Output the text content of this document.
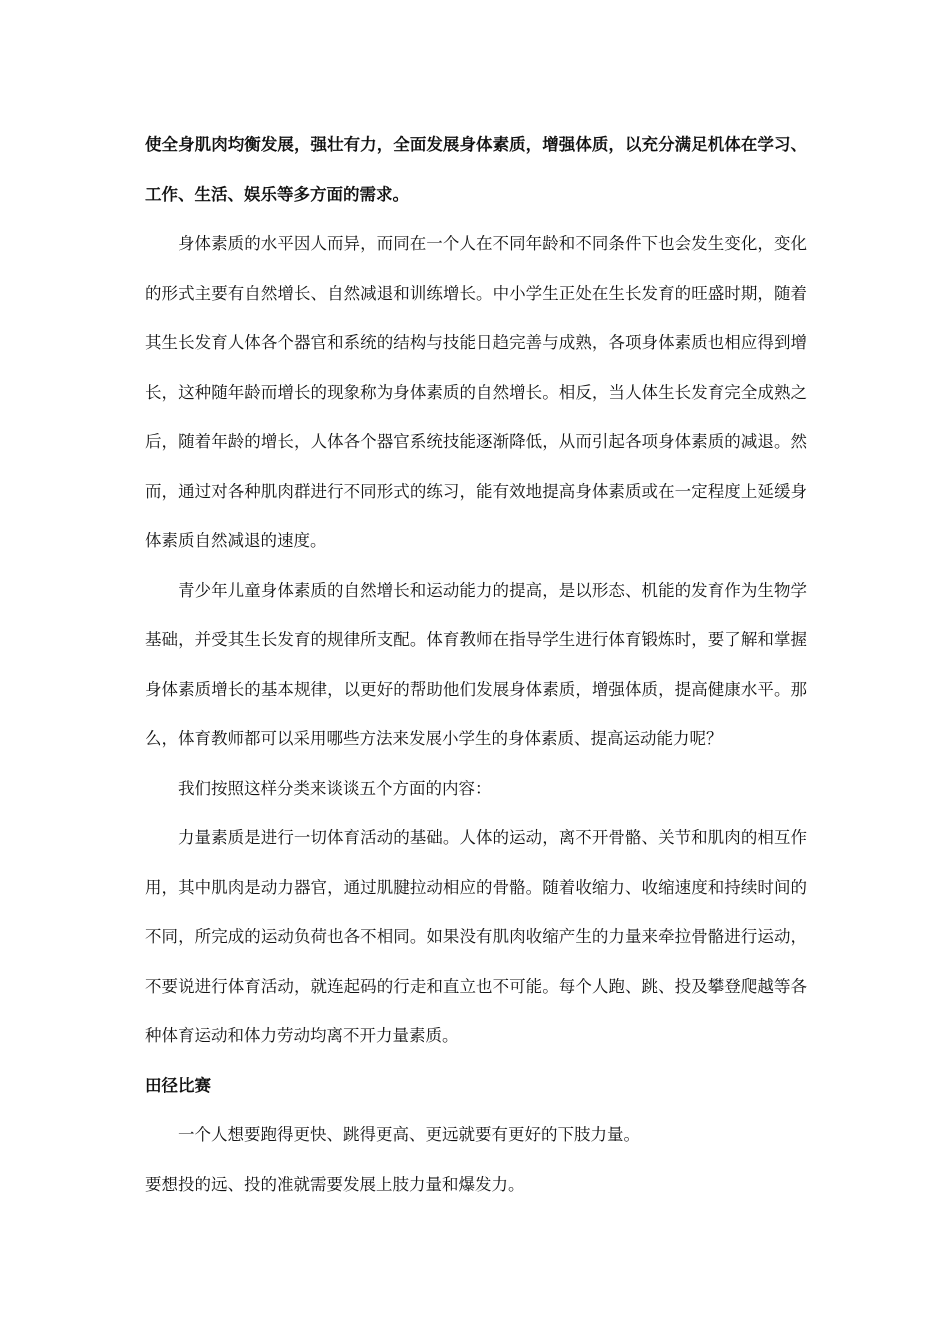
使全身肌肉均衡发展，强壮有力，全面发展身体素质，增强体质，以充分满足机体在学习、工作、生活、娱乐等多方面的需求。

身体素质的水平因人而异，而同在一个人在不同年龄和不同条件下也会发生变化，变化的形式主要有自然增长、自然减退和训练增长。中小学生正处在生长发育的旺盛时期，随着其生长发育人体各个器官和系统的结构与技能日趋完善与成熟，各项身体素质也相应得到增长，这种随年龄而增长的现象称为身体素质的自然增长。相反，当人体生长发育完全成熟之后，随着年龄的增长，人体各个器官系统技能逐渐降低，从而引起各项身体素质的减退。然而，通过对各种肌肉群进行不同形式的练习，能有效地提高身体素质或在一定程度上延缓身体素质自然减退的速度。

青少年儿童身体素质的自然增长和运动能力的提高，是以形态、机能的发育作为生物学基础，并受其生长发育的规律所支配。体育教师在指导学生进行体育锻炼时，要了解和掌握身体素质增长的基本规律，以更好的帮助他们发展身体素质，增强体质，提高健康水平。那么，体育教师都可以采用哪些方法来发展小学生的身体素质、提高运动能力呢？

我们按照这样分类来谈谈五个方面的内容：

力量素质是进行一切体育活动的基础。人体的运动，离不开骨骼、关节和肌肉的相互作用，其中肌肉是动力器官，通过肌腱拉动相应的骨骼。随着收缩力、收缩速度和持续时间的不同，所完成的运动负荷也各不相同。如果没有肌肉收缩产生的力量来牵拉骨骼进行运动，不要说进行体育活动，就连起码的行走和直立也不可能。每个人跑、跳、投及攀登爬越等各种体育运动和体力劳动均离不开力量素质。

田径比赛

一个人想要跑得更快、跳得更高、更远就要有更好的下肢力量。

要想投的远、投的准就需要发展上肢力量和爆发力。
